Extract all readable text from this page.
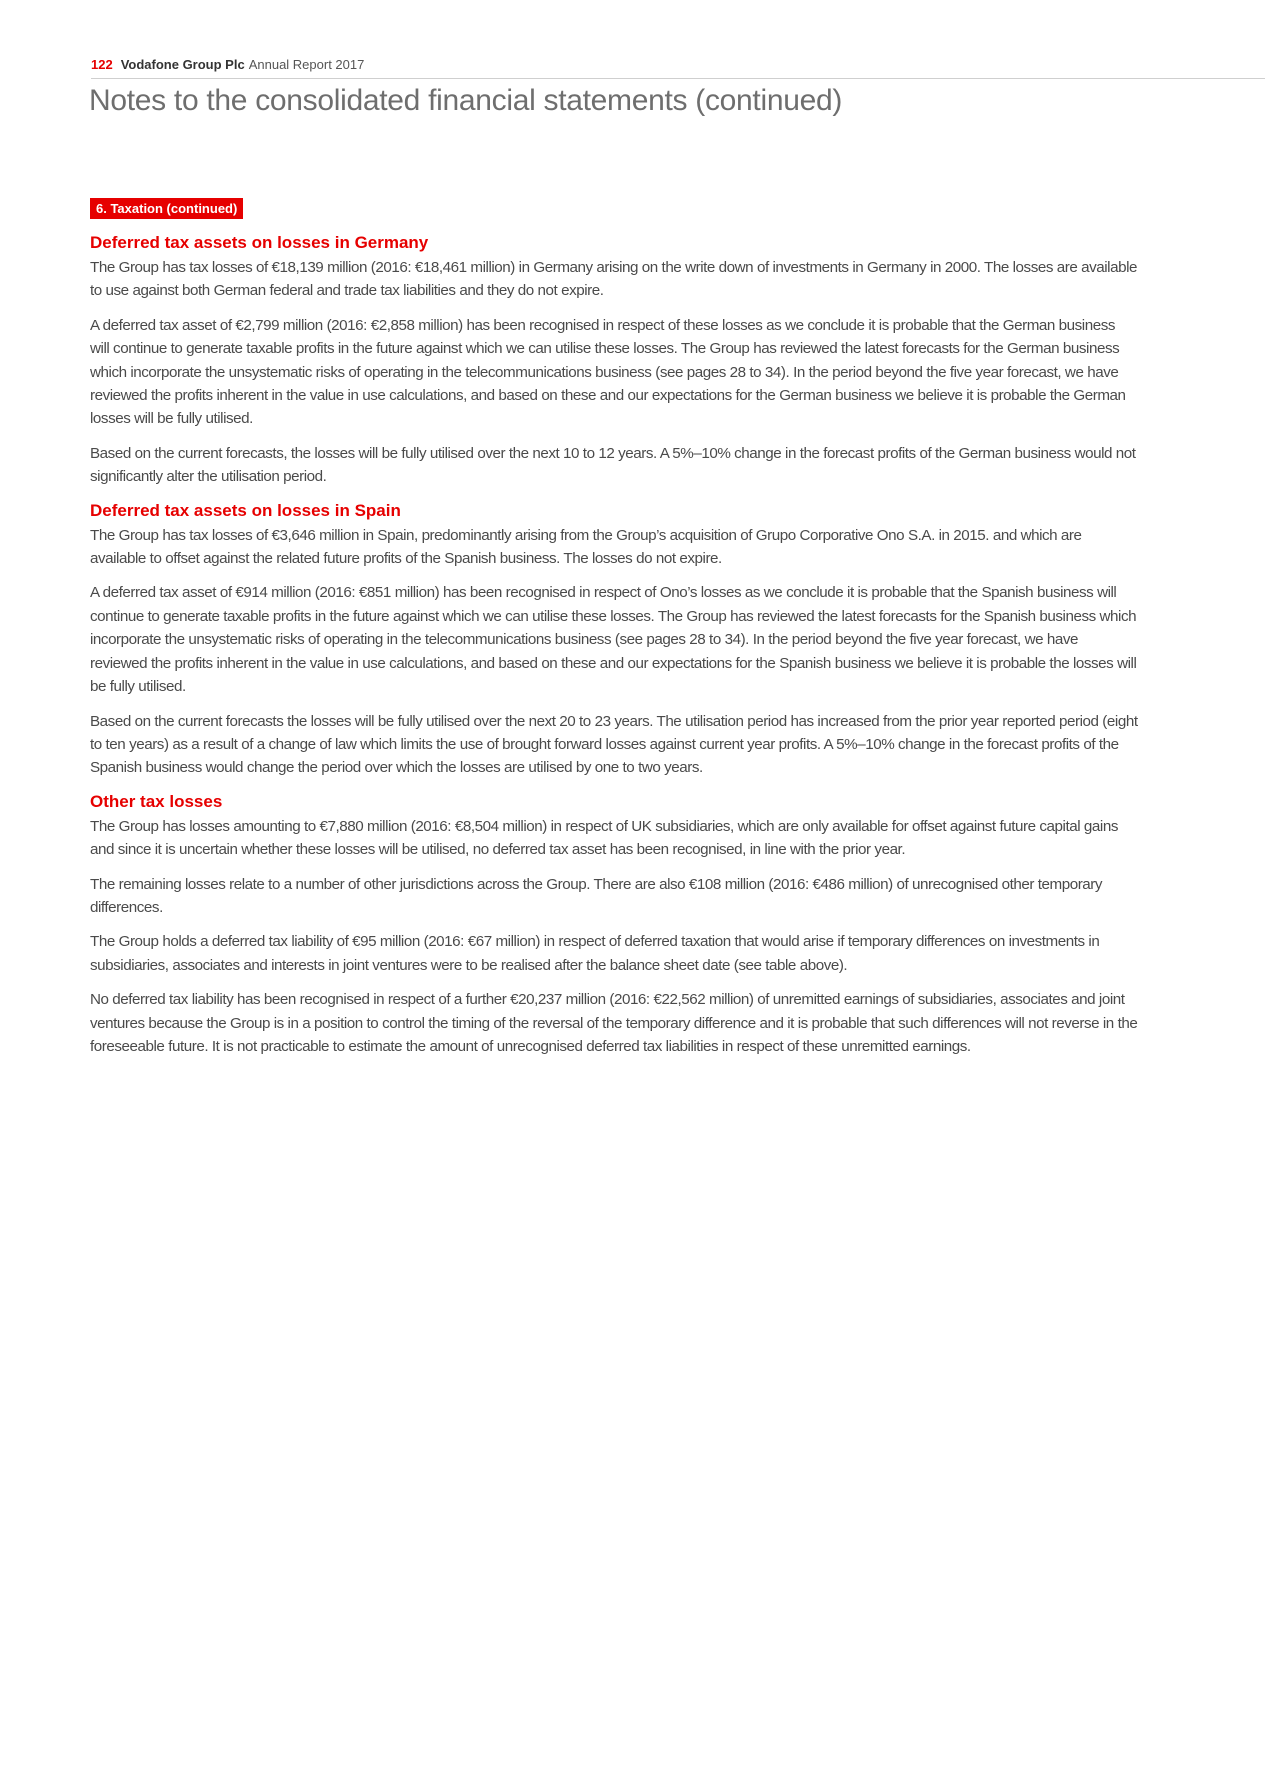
122 Vodafone Group Plc Annual Report 2017
Notes to the consolidated financial statements (continued)
6. Taxation (continued)
Deferred tax assets on losses in Germany

The Group has tax losses of €18,139 million (2016: €18,461 million) in Germany arising on the write down of investments in Germany in 2000. The losses are available to use against both German federal and trade tax liabilities and they do not expire.

A deferred tax asset of €2,799 million (2016: €2,858 million) has been recognised in respect of these losses as we conclude it is probable that the German business will continue to generate taxable profits in the future against which we can utilise these losses. The Group has reviewed the latest forecasts for the German business which incorporate the unsystematic risks of operating in the telecommunications business (see pages 28 to 34). In the period beyond the five year forecast, we have reviewed the profits inherent in the value in use calculations, and based on these and our expectations for the German business we believe it is probable the German losses will be fully utilised.

Based on the current forecasts, the losses will be fully utilised over the next 10 to 12 years. A 5%–10% change in the forecast profits of the German business would not significantly alter the utilisation period.

Deferred tax assets on losses in Spain

The Group has tax losses of €3,646 million in Spain, predominantly arising from the Group’s acquisition of Grupo Corporative Ono S.A. in 2015. and which are available to offset against the related future profits of the Spanish business. The losses do not expire.

A deferred tax asset of €914 million (2016: €851 million) has been recognised in respect of Ono’s losses as we conclude it is probable that the Spanish business will continue to generate taxable profits in the future against which we can utilise these losses. The Group has reviewed the latest forecasts for the Spanish business which incorporate the unsystematic risks of operating in the telecommunications business (see pages 28 to 34). In the period beyond the five year forecast, we have reviewed the profits inherent in the value in use calculations, and based on these and our expectations for the Spanish business we believe it is probable the losses will be fully utilised.

Based on the current forecasts the losses will be fully utilised over the next 20 to 23 years. The utilisation period has increased from the prior year reported period (eight to ten years) as a result of a change of law which limits the use of brought forward losses against current year profits. A 5%–10% change in the forecast profits of the Spanish business would change the period over which the losses are utilised by one to two years.

Other tax losses

The Group has losses amounting to €7,880 million (2016: €8,504 million) in respect of UK subsidiaries, which are only available for offset against future capital gains and since it is uncertain whether these losses will be utilised, no deferred tax asset has been recognised, in line with the prior year.

The remaining losses relate to a number of other jurisdictions across the Group. There are also €108 million (2016: €486 million) of unrecognised other temporary differences.

The Group holds a deferred tax liability of €95 million (2016: €67 million) in respect of deferred taxation that would arise if temporary differences on investments in subsidiaries, associates and interests in joint ventures were to be realised after the balance sheet date (see table above).

No deferred tax liability has been recognised in respect of a further €20,237 million (2016: €22,562 million) of unremitted earnings of subsidiaries, associates and joint ventures because the Group is in a position to control the timing of the reversal of the temporary difference and it is probable that such differences will not reverse in the foreseeable future. It is not practicable to estimate the amount of unrecognised deferred tax liabilities in respect of these unremitted earnings.
